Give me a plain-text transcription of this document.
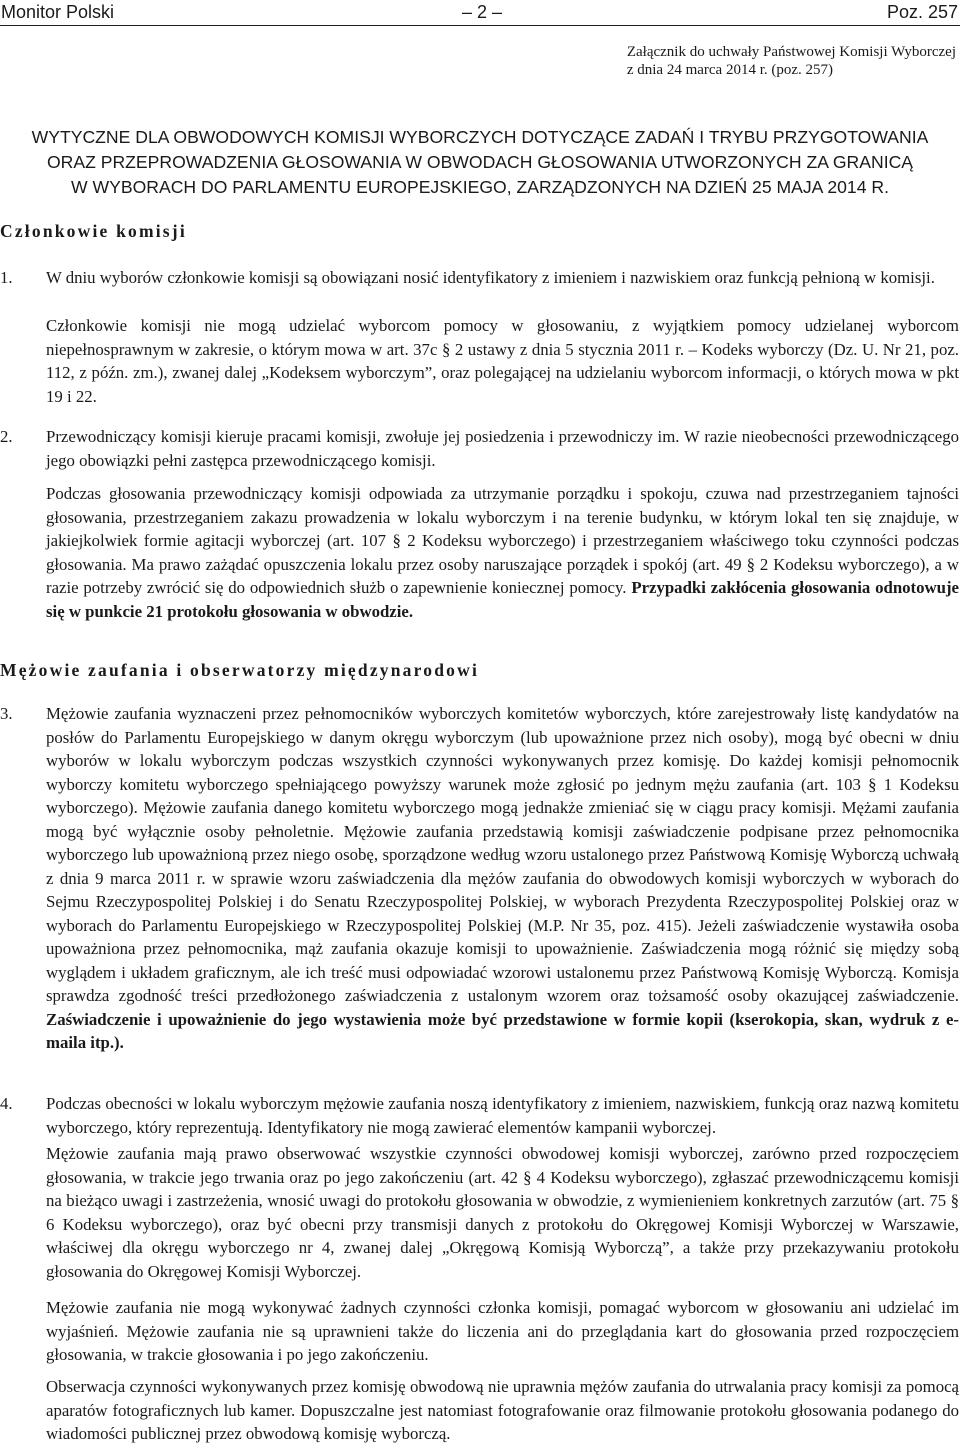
Monitor Polski	– 2 –	Poz. 257
Załącznik do uchwały Państwowej Komisji Wyborczej
z dnia 24 marca 2014 r. (poz. 257)
WYTYCZNE DLA OBWODOWYCH KOMISJI WYBORCZYCH DOTYCZĄCE ZADAŃ I TRYBU PRZYGOTOWANIA
ORAZ PRZEPROWADZENIA GŁOSOWANIA W OBWODACH GŁOSOWANIA UTWORZONYCH ZA GRANICĄ
W WYBORACH DO PARLAMENTU EUROPEJSKIEGO, ZARZĄDZONYCH NA DZIEŃ 25 MAJA 2014 R.
Członkowie komisji
1. W dniu wyborów członkowie komisji są obowiązani nosić identyfikatory z imieniem i nazwiskiem oraz funkcją pełnioną w komisji.
Członkowie komisji nie mogą udzielać wyborcom pomocy w głosowaniu, z wyjątkiem pomocy udzielanej wyborcom niepełnosprawnym w zakresie, o którym mowa w art. 37c § 2 ustawy z dnia 5 stycznia 2011 r. – Kodeks wyborczy (Dz. U. Nr 21, poz. 112, z późn. zm.), zwanej dalej „Kodeksem wyborczym”, oraz polegającej na udzielaniu wyborcom informacji, o których mowa w pkt 19 i 22.
2. Przewodniczący komisji kieruje pracami komisji, zwołuje jej posiedzenia i przewodniczy im. W razie nieobecności przewodniczącego jego obowiązki pełni zastępca przewodniczącego komisji.
Podczas głosowania przewodniczący komisji odpowiada za utrzymanie porządku i spokoju, czuwa nad przestrzeganiem tajności głosowania, przestrzeganiem zakazu prowadzenia w lokalu wyborczym i na terenie budynku, w którym lokal ten się znajduje, w jakiejkolwiek formie agitacji wyborczej (art. 107 § 2 Kodeksu wyborczego) i przestrzeganiem właściwego toku czynności podczas głosowania. Ma prawo zażądać opuszczenia lokalu przez osoby naruszające porządek i spokój (art. 49 § 2 Kodeksu wyborczego), a w razie potrzeby zwrócić się do odpowiednich służb o zapewnienie koniecznej pomocy. Przypadki zakłócenia głosowania odnotowuje się w punkcie 21 protokołu głosowania w obwodzie.
Mężowie zaufania i obserwatorzy międzynarodowi
3. Mężowie zaufania wyznaczeni przez pełnomocników wyborczych komitetów wyborczych, które zarejestrowały listę kandydatów na posłów do Parlamentu Europejskiego w danym okręgu wyborczym (lub upoważnione przez nich osoby), mogą być obecni w dniu wyborów w lokalu wyborczym podczas wszystkich czynności wykonywanych przez komisję. Do każdej komisji pełnomocnik wyborczy komitetu wyborczego spełniającego powyższy warunek może zgłosić po jednym mężu zaufania (art. 103 § 1 Kodeksu wyborczego). Mężowie zaufania danego komitetu wyborczego mogą jednakże zmieniać się w ciągu pracy komisji. Mężami zaufania mogą być wyłącznie osoby pełnoletnie. Mężowie zaufania przedstawią komisji zaświadczenie podpisane przez pełnomocnika wyborczego lub upoważnioną przez niego osobę, sporządzone według wzoru ustalonego przez Państwową Komisję Wyborczą uchwałą z dnia 9 marca 2011 r. w sprawie wzoru zaświadczenia dla mężów zaufania do obwodowych komisji wyborczych w wyborach do Sejmu Rzeczypospolitej Polskiej i do Senatu Rzeczypospolitej Polskiej, w wyborach Prezydenta Rzeczypospolitej Polskiej oraz w wyborach do Parlamentu Europejskiego w Rzeczypospolitej Polskiej (M.P. Nr 35, poz. 415). Jeżeli zaświadczenie wystawiła osoba upoważniona przez pełnomocnika, mąż zaufania okazuje komisji to upoważnienie. Zaświadczenia mogą różnić się między sobą wyglądem i układem graficznym, ale ich treść musi odpowiadać wzorowi ustalonemu przez Państwową Komisję Wyborczą. Komisja sprawdza zgodność treści przedłożonego zaświadczenia z ustalonym wzorem oraz tożsamość osoby okazującej zaświadczenie. Zaświadczenie i upoważnienie do jego wystawienia może być przedstawione w formie kopii (kserokopia, skan, wydruk z e-maila itp.).
4. Podczas obecności w lokalu wyborczym mężowie zaufania noszą identyfikatory z imieniem, nazwiskiem, funkcją oraz nazwą komitetu wyborczego, który reprezentują. Identyfikatory nie mogą zawierać elementów kampanii wyborczej.
Mężowie zaufania mają prawo obserwować wszystkie czynności obwodowej komisji wyborczej, zarówno przed rozpoczęciem głosowania, w trakcie jego trwania oraz po jego zakończeniu (art. 42 § 4 Kodeksu wyborczego), zgłaszać przewodniczącemu komisji na bieżąco uwagi i zastrzeżenia, wnosić uwagi do protokołu głosowania w obwodzie, z wymienieniem konkretnych zarzutów (art. 75 § 6 Kodeksu wyborczego), oraz być obecni przy transmisji danych z protokołu do Okręgowej Komisji Wyborczej w Warszawie, właściwej dla okręgu wyborczego nr 4, zwanej dalej „Okręgową Komisją Wyborczą”, a także przy przekazywaniu protokołu głosowania do Okręgowej Komisji Wyborczej.
Mężowie zaufania nie mogą wykonywać żadnych czynności członka komisji, pomagać wyborcom w głosowaniu ani udzielać im wyjaśnień. Mężowie zaufania nie są uprawnieni także do liczenia ani do przeglądania kart do głosowania przed rozpoczęciem głosowania, w trakcie głosowania i po jego zakończeniu.
Obserwacja czynności wykonywanych przez komisję obwodową nie uprawnia mężów zaufania do utrwalania pracy komisji za pomocą aparatów fotograficznych lub kamer. Dopuszczalne jest natomiast fotografowanie oraz filmowanie protokołu głosowania podanego do wiadomości publicznej przez obwodową komisję wyborczą.
